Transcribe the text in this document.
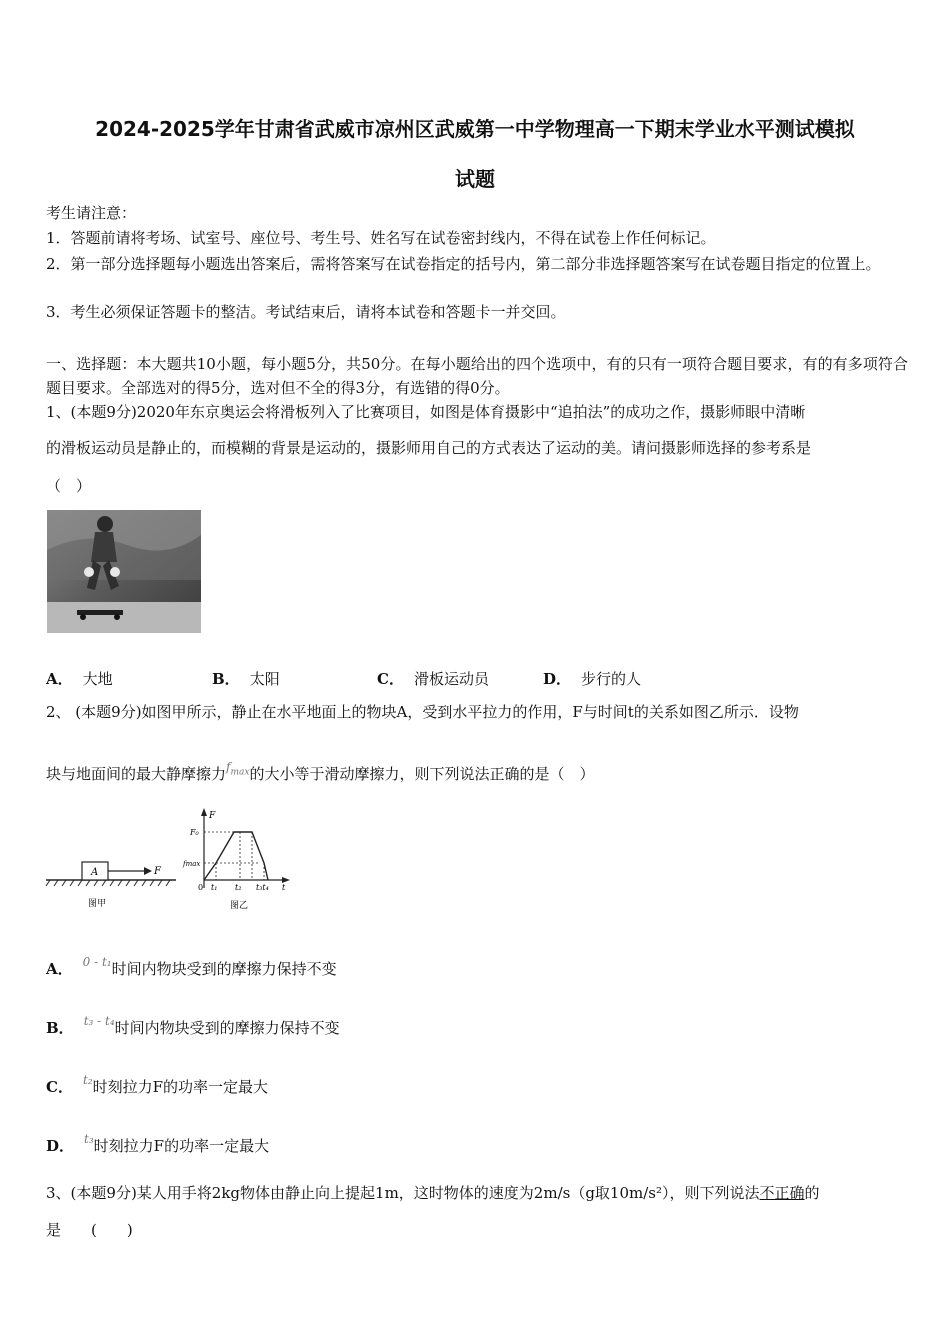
2024-2025学年甘肃省武威市凉州区武威第一中学物理高一下期末学业水平测试模拟
试题
考生请注意：
1．答题前请将考场、试室号、座位号、考生号、姓名写在试卷密封线内，不得在试卷上作任何标记。
2．第一部分选择题每小题选出答案后，需将答案写在试卷指定的括号内，第二部分非选择题答案写在试卷题目指定的位置上。
3．考生必须保证答题卡的整洁。考试结束后，请将本试卷和答题卡一并交回。
一、选择题：本大题共10小题，每小题5分，共50分。在每小题给出的四个选项中，有的只有一项符合题目要求，有的有多项符合题目要求。全部选对的得5分，选对但不全的得3分，有选错的得0分。
1、(本题9分)2020年东京奥运会将滑板列入了比赛项目，如图是体育摄影中“追拍法”的成功之作，摄影师眼中清晰
的滑板运动员是静止的，而模糊的背景是运动的，摄影师用自己的方式表达了运动的美。请问摄影师选择的参考系是
（　）
A． 大地	B． 太阳	C． 滑板运动员	D． 步行的人
2、 (本题9分)如图甲所示，静止在水平地面上的物块A，受到水平拉力的作用，F与时间t的关系如图乙所示．设物
块与地面间的最大静摩擦力$^{f_{max}}$的大小等于滑动摩擦力，则下列说法正确的是（　）
A	F
图甲
F
F₀
fmax
0 t₁ t₂ t₃t₄ t
图乙
A． $^{0 - t_1}$时间内物块受到的摩擦力保持不变
B． $^{t_3 - t_4}$时间内物块受到的摩擦力保持不变
C． $^{t_2}$时刻拉力F的功率一定最大
D． $^{t_3}$时刻拉力F的功率一定最大
3、(本题9分)某人用手将2kg物体由静止向上提起1m，这时物体的速度为2m/s（g取10m/s²），则下列说法不正确的
是　　(　　)
